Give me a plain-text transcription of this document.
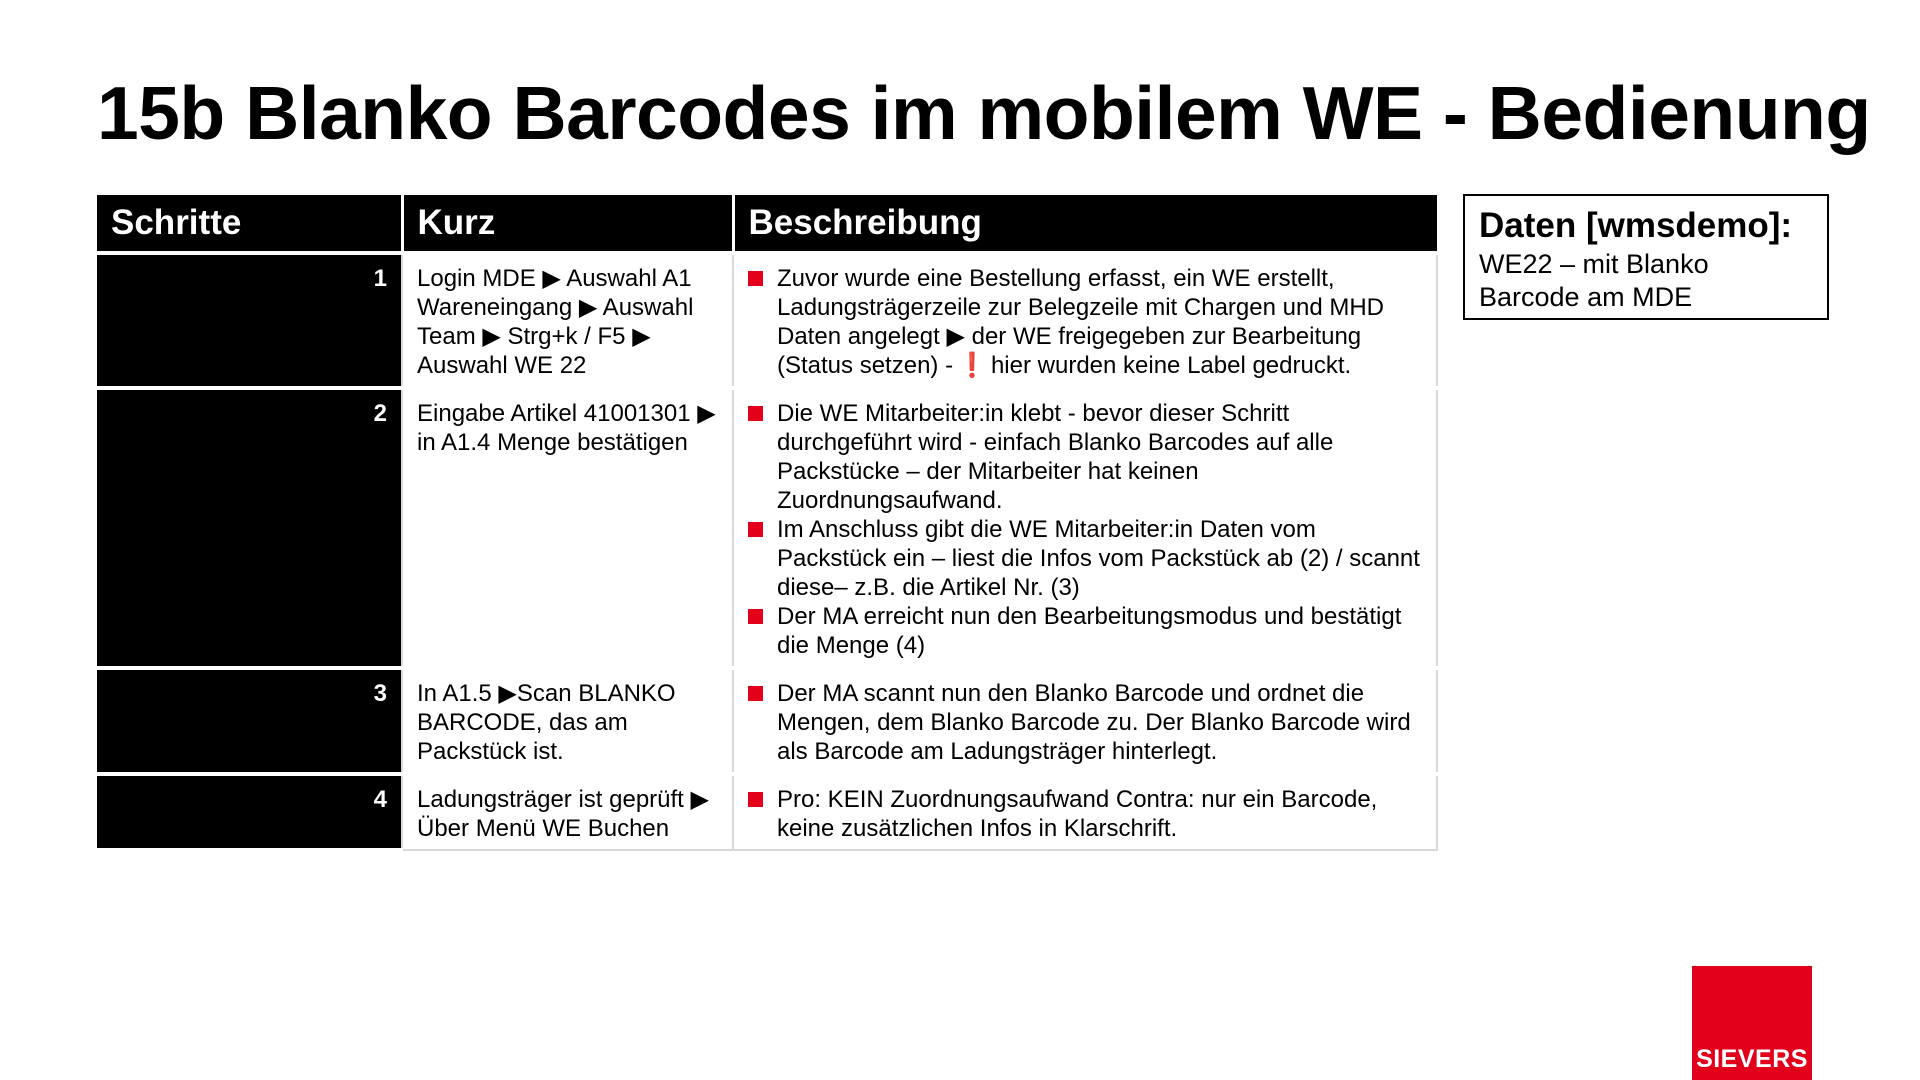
15b Blanko Barcodes im mobilem WE - Bedienung
Schritte	Kurz	Beschreibung
1	Login MDE ▶ Auswahl A1 Wareneingang ▶ Auswahl Team ▶ Strg+k / F5 ▶ Auswahl WE 22	Zuvor wurde eine Bestellung erfasst, ein WE erstellt, Ladungsträgerzeile zur Belegzeile mit Chargen und MHD Daten angelegt ▶ der WE freigegeben zur Bearbeitung (Status setzen) - ❗ hier wurden keine Label gedruckt.

2	Eingabe Artikel 41001301 ▶ in A1.4 Menge bestätigen	Die WE Mitarbeiter:in klebt - bevor dieser Schritt durchgeführt wird - einfach Blanko Barcodes auf alle Packstücke – der Mitarbeiter hat keinen Zuordnungsaufwand.
Im Anschluss gibt die WE Mitarbeiter:in Daten vom Packstück ein – liest die Infos vom Packstück ab (2) / scannt diese– z.B. die Artikel Nr. (3)
Der MA erreicht nun den Bearbeitungsmodus und bestätigt die Menge (4)

3	In A1.5 ▶Scan BLANKO BARCODE, das am Packstück ist.	Der MA scannt nun den Blanko Barcode und ordnet die Mengen, dem Blanko Barcode zu. Der Blanko Barcode wird als Barcode am Ladungsträger hinterlegt.

4	Ladungsträger ist geprüft ▶ Über Menü WE Buchen	Pro: KEIN Zuordnungsaufwand Contra: nur ein Barcode, keine zusätzlichen Infos in Klarschrift.
Daten [wmsdemo]:
WE22 – mit Blanko Barcode am MDE
SIEVERS
